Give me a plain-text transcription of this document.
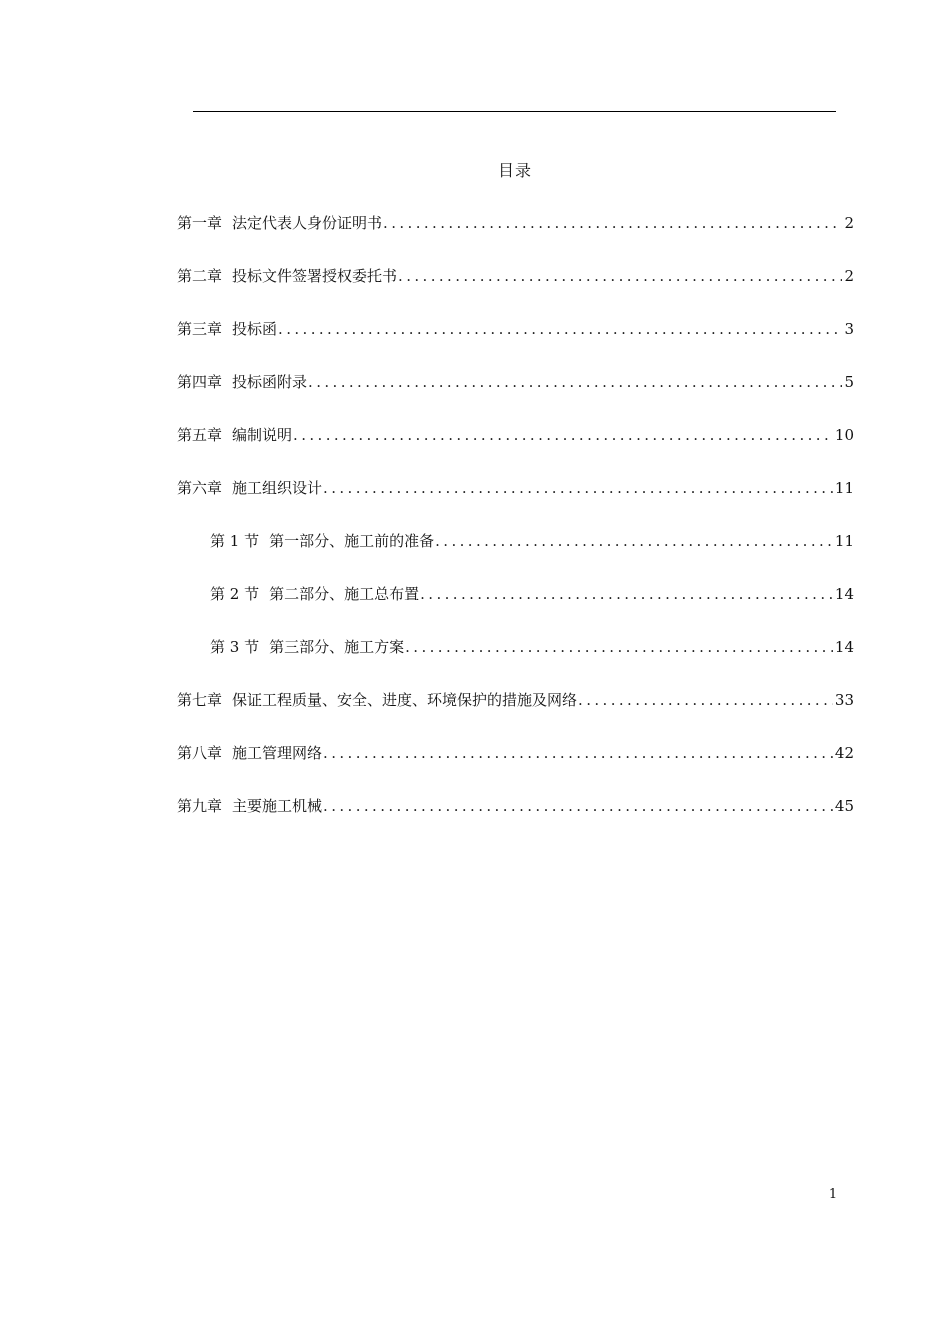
目录
第一章 法定代表人身份证明书 .....	2
第二章 投标文件签署授权委托书 .....	2
第三章 投标函 .....	3
第四章 投标函附录 .....	5
第五章 编制说明 .....	10
第六章 施工组织设计 .....	11
第 1 节 第一部分、施工前的准备 .....	11
第 2 节 第二部分、施工总布置 .....	14
第 3 节 第三部分、施工方案 .....	14
第七章 保证工程质量、安全、进度、环境保护的措施及网络 .....	33
第八章 施工管理网络 .....	42
第九章 主要施工机械 .....	45
1
